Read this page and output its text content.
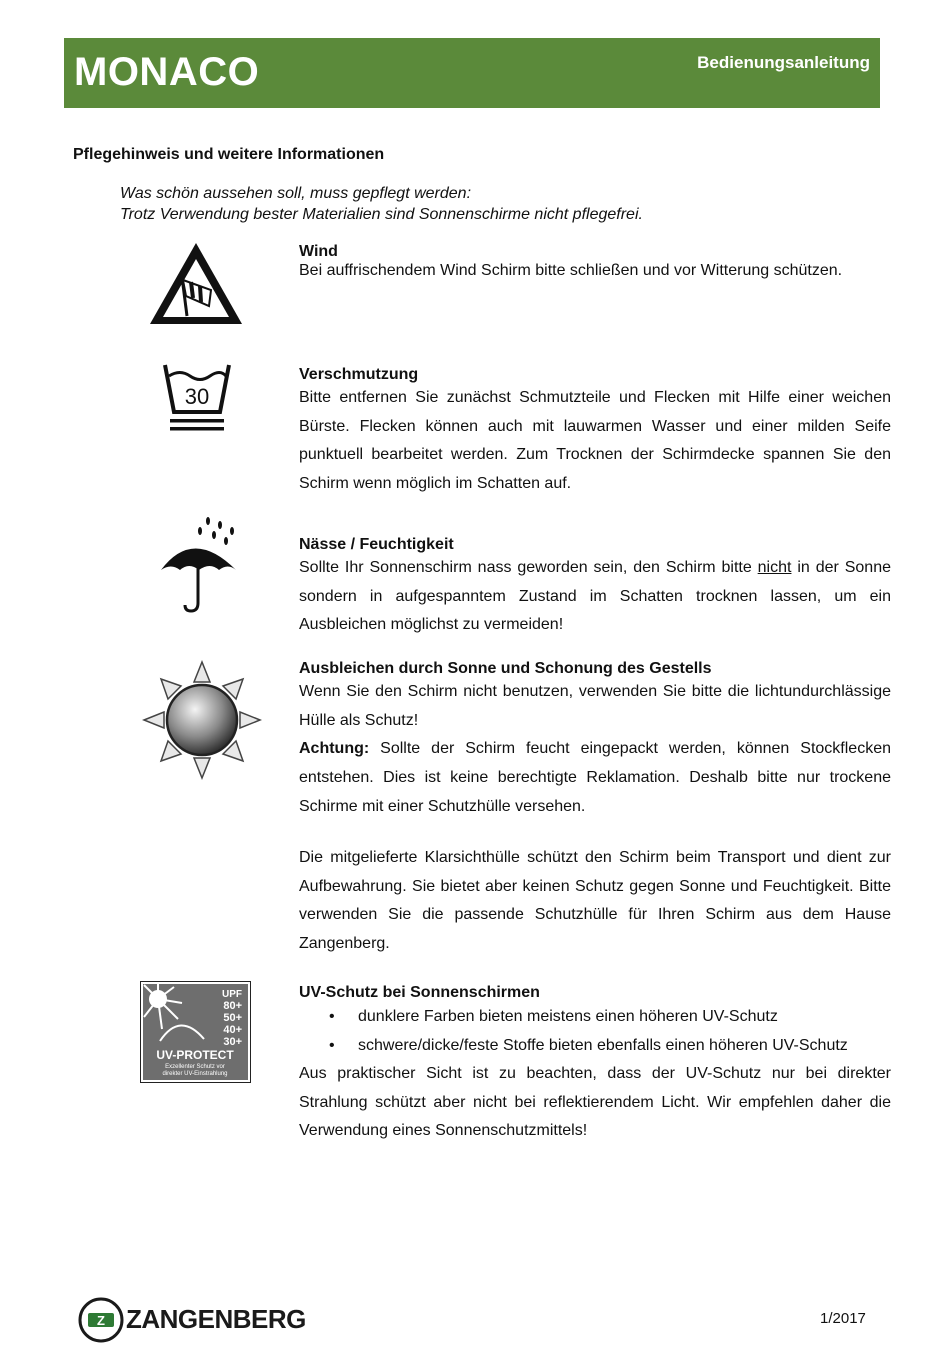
MONACO	Bedienungsanleitung
Pflegehinweis und weitere Informationen
Was schön aussehen soll, muss gepflegt werden:
Trotz Verwendung bester Materialien sind Sonnenschirme nicht pflegefrei.
Wind

Bei auffrischendem Wind Schirm bitte schließen und vor Witterung schützen.

30
Verschmutzung

Bitte entfernen Sie zunächst Schmutzteile und Flecken mit Hilfe einer weichen Bürste. Flecken können auch mit lauwarmen Wasser und einer milden Seife punktuell bearbeitet werden. Zum Trocknen der Schirmdecke spannen Sie den Schirm wenn möglich im Schatten auf.

Nässe / Feuchtigkeit

Sollte Ihr Sonnenschirm nass geworden sein, den Schirm bitte nicht in der Sonne sondern in aufgespanntem Zustand im Schatten trocknen lassen, um ein Ausbleichen möglichst zu vermeiden!

Ausbleichen durch Sonne und Schonung des Gestells

Wenn Sie den Schirm nicht benutzen, verwenden Sie bitte die lichtundurchlässige Hülle als Schutz!

Achtung: Sollte der Schirm feucht eingepackt werden, können Stockflecken entstehen. Dies ist keine berechtigte Reklamation. Deshalb bitte nur trockene Schirme mit einer Schutzhülle versehen.

Die mitgelieferte Klarsichthülle schützt den Schirm beim Transport und dient zur Aufbewahrung. Sie bietet aber keinen Schutz gegen Sonne und Feuchtigkeit. Bitte verwenden Sie die passende Schutzhülle für Ihren Schirm aus dem Hause Zangenberg.

UPF
80+
50+
40+
30+
UV-PROTECT
Exzellenter Schutz vor
direkter UV-Einstrahlung
UV-Schutz bei Sonnenschirmen
• dunklere Farben bieten meistens einen höheren UV-Schutz
• schwere/dicke/feste Stoffe bieten ebenfalls einen höheren UV-Schutz

Aus praktischer Sicht ist zu beachten, dass der UV-Schutz nur bei direkter Strahlung schützt aber nicht bei reflektierendem Licht. Wir empfehlen daher die Verwendung eines Sonnenschutzmittels!

Z ZANGENBERG	1/2017
